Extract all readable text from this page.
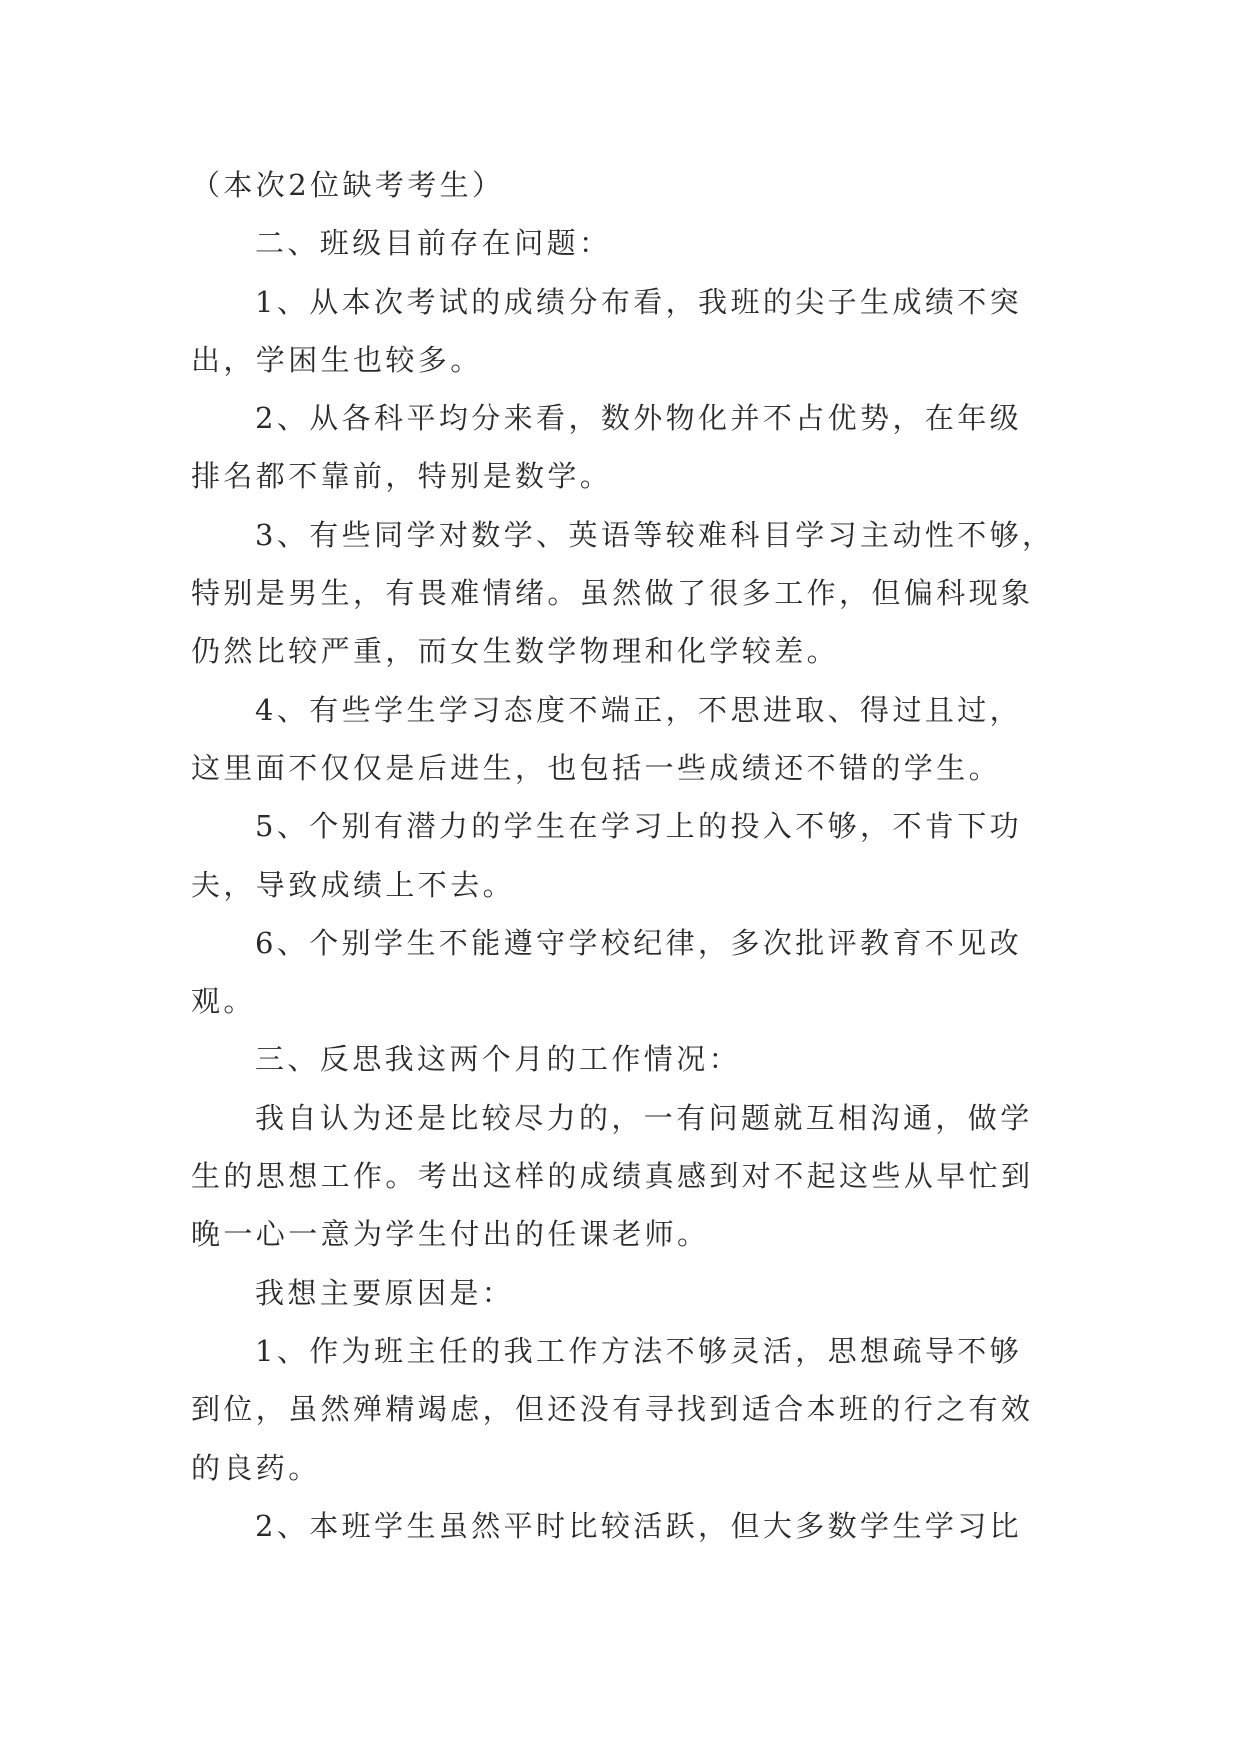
（本次2位缺考考生）
二、班级目前存在问题：
1、从本次考试的成绩分布看，我班的尖子生成绩不突
出，学困生也较多。
2、从各科平均分来看，数外物化并不占优势，在年级
排名都不靠前，特别是数学。
3、有些同学对数学、英语等较难科目学习主动性不够，
特别是男生，有畏难情绪。虽然做了很多工作，但偏科现象
仍然比较严重，而女生数学物理和化学较差。
4、有些学生学习态度不端正，不思进取、得过且过，
这里面不仅仅是后进生，也包括一些成绩还不错的学生。
5、个别有潜力的学生在学习上的投入不够，不肯下功
夫，导致成绩上不去。
6、个别学生不能遵守学校纪律，多次批评教育不见改
观。
三、反思我这两个月的工作情况：
我自认为还是比较尽力的，一有问题就互相沟通，做学
生的思想工作。考出这样的成绩真感到对不起这些从早忙到
晚一心一意为学生付出的任课老师。
我想主要原因是：
1、作为班主任的我工作方法不够灵活，思想疏导不够
到位，虽然殚精竭虑，但还没有寻找到适合本班的行之有效
的良药。
2、本班学生虽然平时比较活跃，但大多数学生学习比
